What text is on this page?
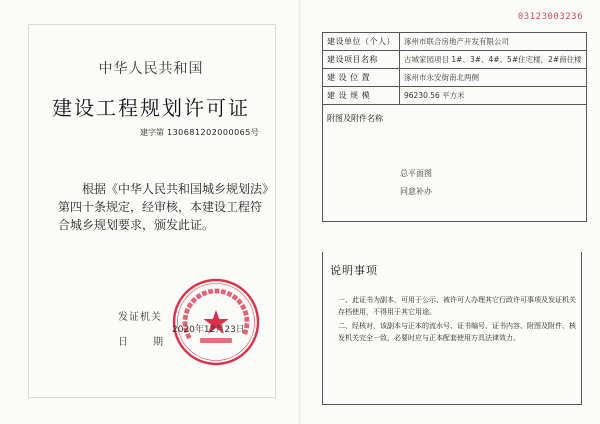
03123003236
中华人民共和国
建设工程规划许可证
建字第 130681202000065号

根据《中华人民共和国城乡规划法》第四十条规定，经审核，本建设工程符合城乡规划要求，颁发此证。

发证机关
日	期
2020年12月23日
建设单位（个人）	涿州市联合房地产开发有限公司
建设项目名称	古城家园项目 1#、3#、4#、5#住宅楼，2#商住楼
建 设 位 置	涿州市永安街南北两侧
建 设 规 模	96230.56 平方米
附图及附件名称	
总平面图
同意补办
说明事项
一、此证书为副本，可用于公示、被许可人办理其它行政许可事项及发证机关存档使用，不得用于其它用途。
二、经核对，该副本与正本的流水号、证书编号、证书内容、附图及附件、核发机关完全一致，必要时应与正本配套使用方具法律效力。
